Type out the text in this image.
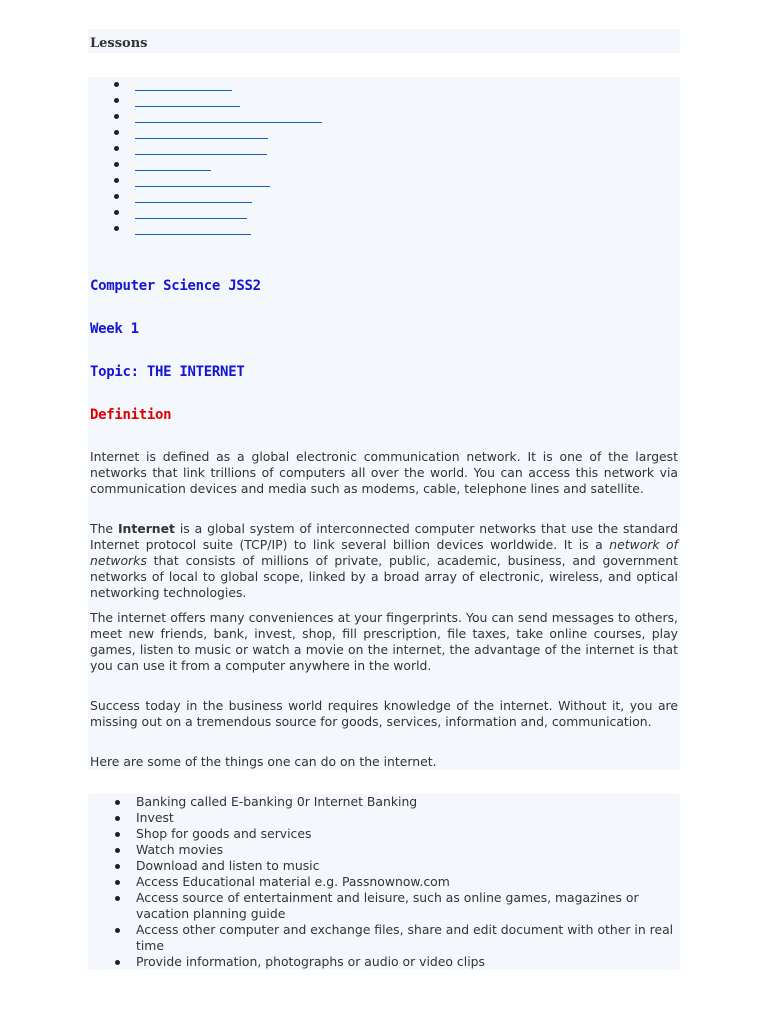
Lessons
Computer Science JSS2
Week 1
Topic: THE INTERNET
Definition

Internet is defined as a global electronic communication network. It is one of the largest networks that link trillions of computers all over the world. You can access this network via communication devices and media such as modems, cable, telephone lines and satellite.

The Internet is a global system of interconnected computer networks that use the standard Internet protocol suite (TCP/IP) to link several billion devices worldwide. It is a network of networks that consists of millions of private, public, academic, business, and government networks of local to global scope, linked by a broad array of electronic, wireless, and optical networking technologies.

The internet offers many conveniences at your fingerprints. You can send messages to others, meet new friends, bank, invest, shop, fill prescription, file taxes, take online courses, play games, listen to music or watch a movie on the internet, the advantage of the internet is that you can use it from a computer anywhere in the world.

Success today in the business world requires knowledge of the internet. Without it, you are missing out on a tremendous source for goods, services, information and, communication.

Here are some of the things one can do on the internet.

Banking called E-banking 0r Internet Banking
Invest
Shop for goods and services
Watch movies
Download and listen to music
Access Educational material e.g. Passnownow.com
Access source of entertainment and leisure, such as online games, magazines or vacation planning guide
Access other computer and exchange files, share and edit document with other in real time
Provide information, photographs or audio or video clips
